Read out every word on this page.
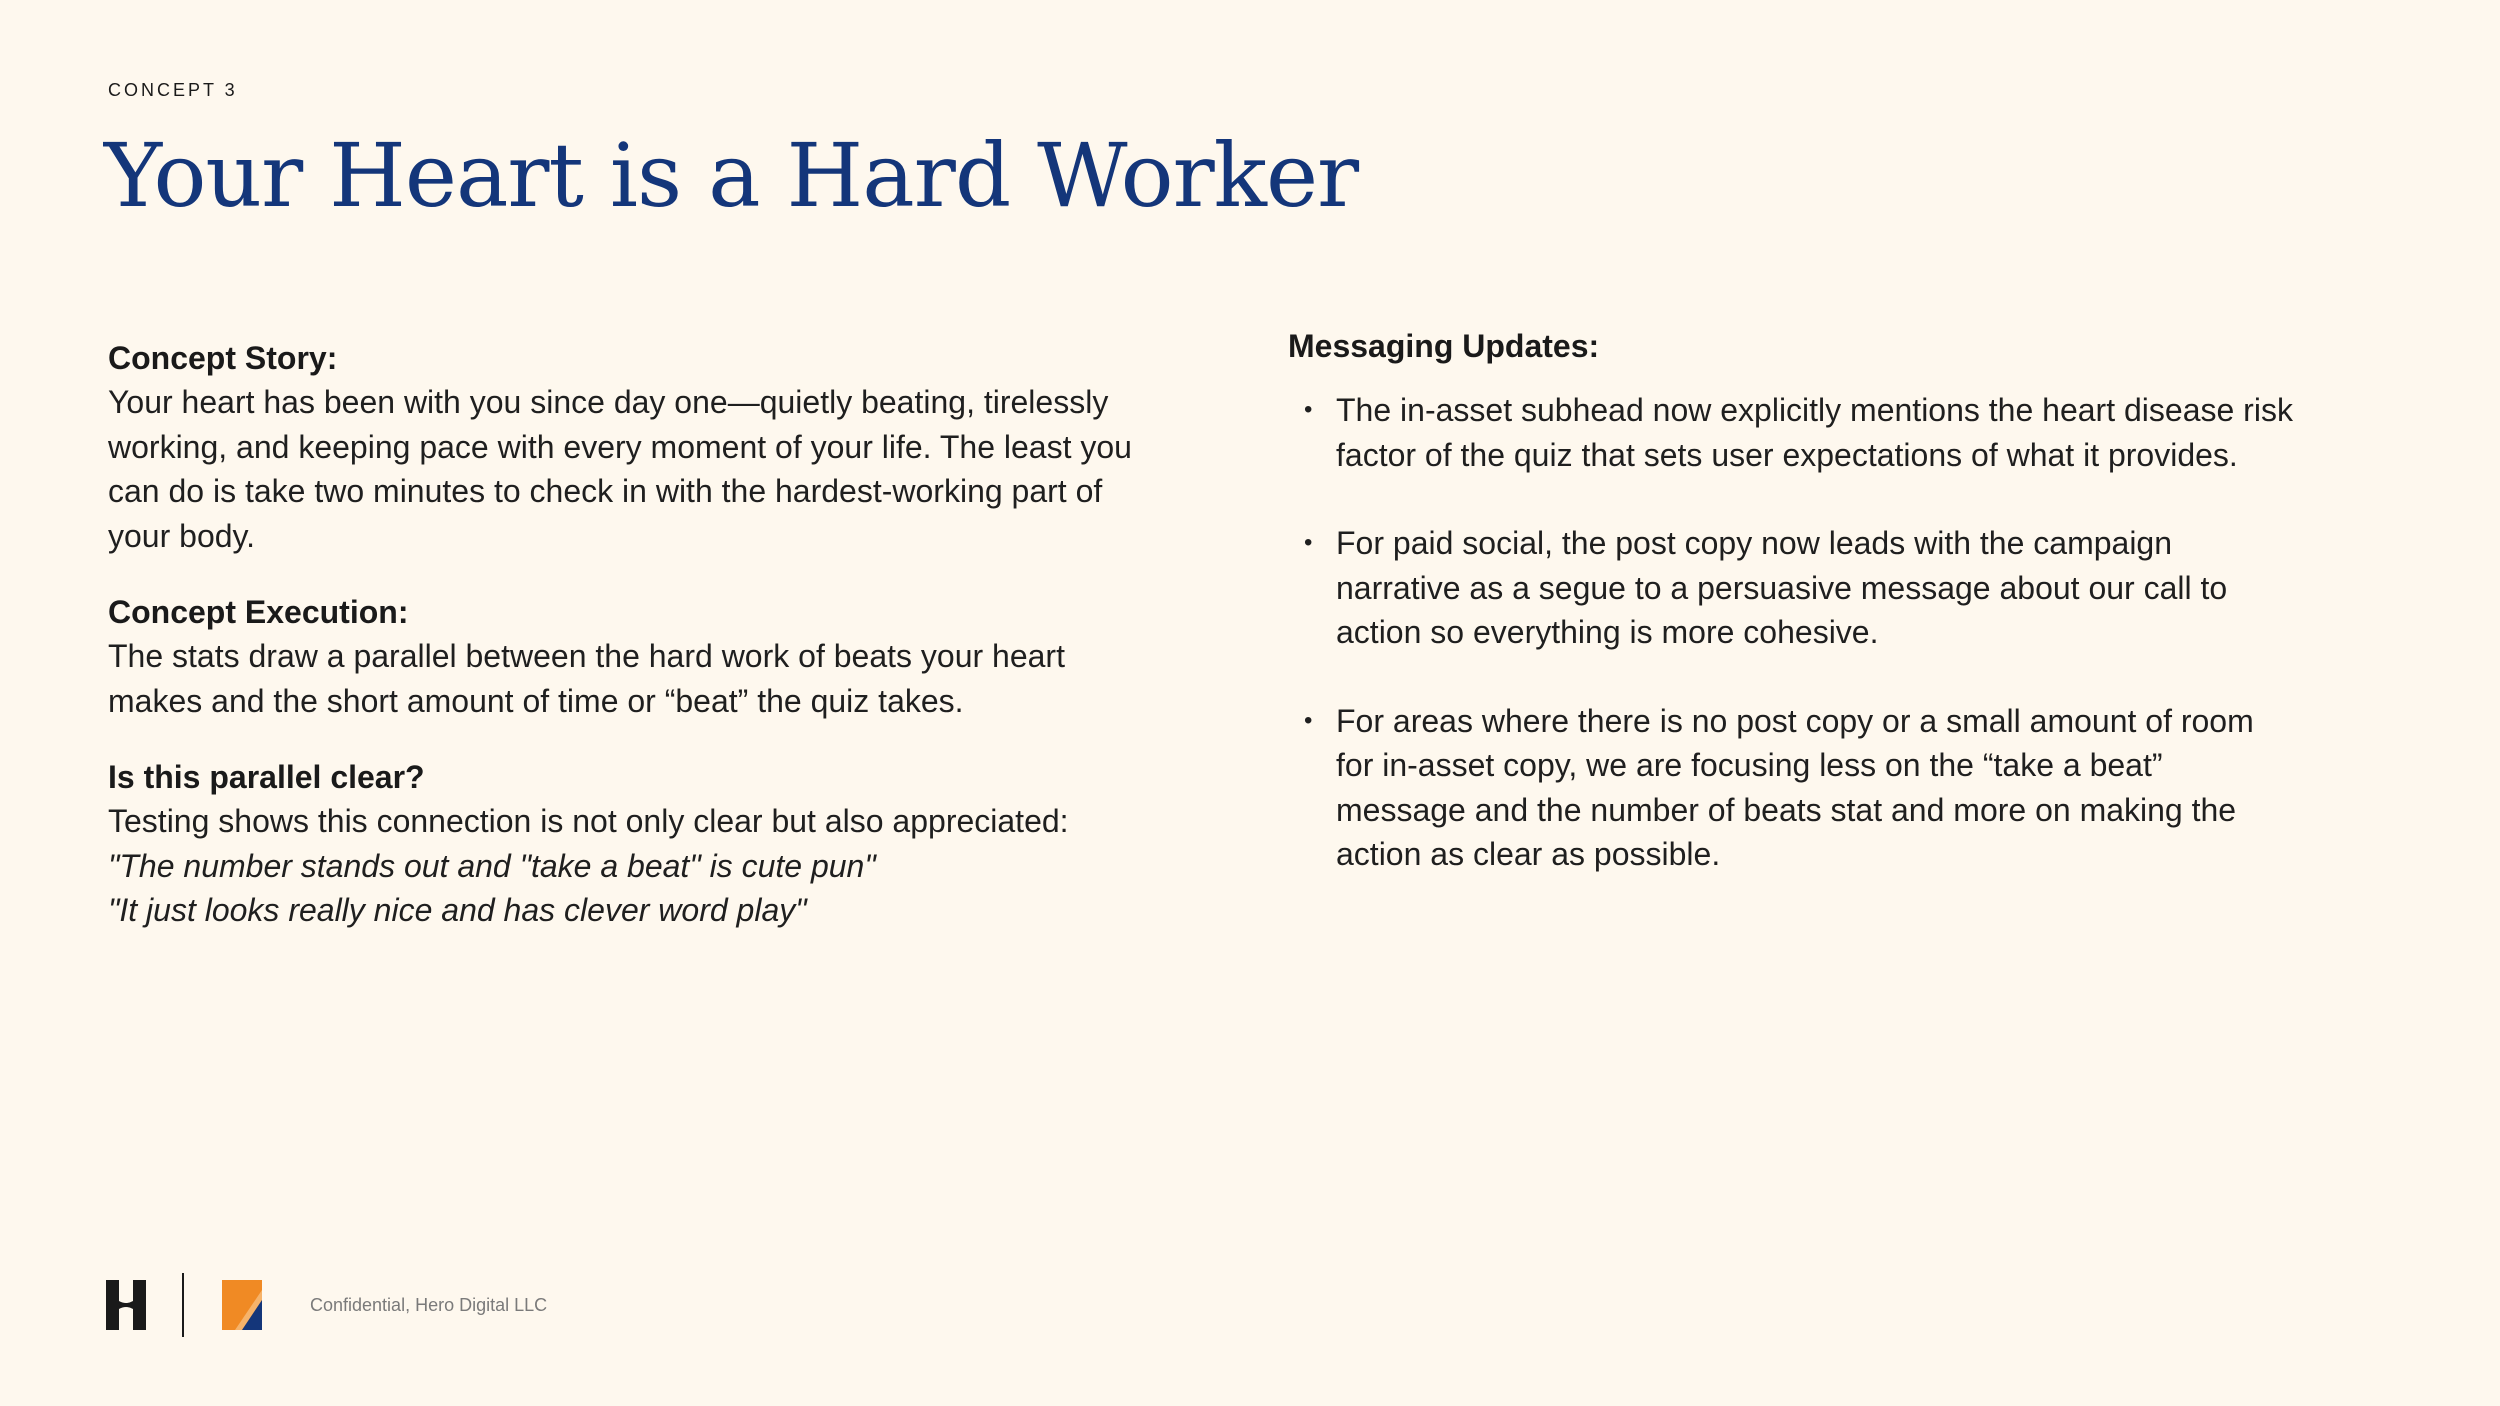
CONCEPT 3
Your Heart is a Hard Worker

Concept Story:

Your heart has been with you since day one—quietly beating, tirelessly working, and keeping pace with every moment of your life. The least you can do is take two minutes to check in with the hardest-working part of your body.

Concept Execution:

The stats draw a parallel between the hard work of beats your heart makes and the short amount of time or “beat” the quiz takes.

Is this parallel clear?

Testing shows this connection is not only clear but also appreciated:

"The number stands out and "take a beat" is cute pun"

"It just looks really nice and has clever word play"

Messaging Updates:

• The in-asset subhead now explicitly mentions the heart disease risk factor of the quiz that sets user expectations of what it provides.
• For paid social, the post copy now leads with the campaign narrative as a segue to a persuasive message about our call to action so everything is more cohesive.
• For areas where there is no post copy or a small amount of room for in-asset copy, we are focusing less on the “take a beat” message and the number of beats stat and more on making the action as clear as possible.
Confidential, Hero Digital LLC
